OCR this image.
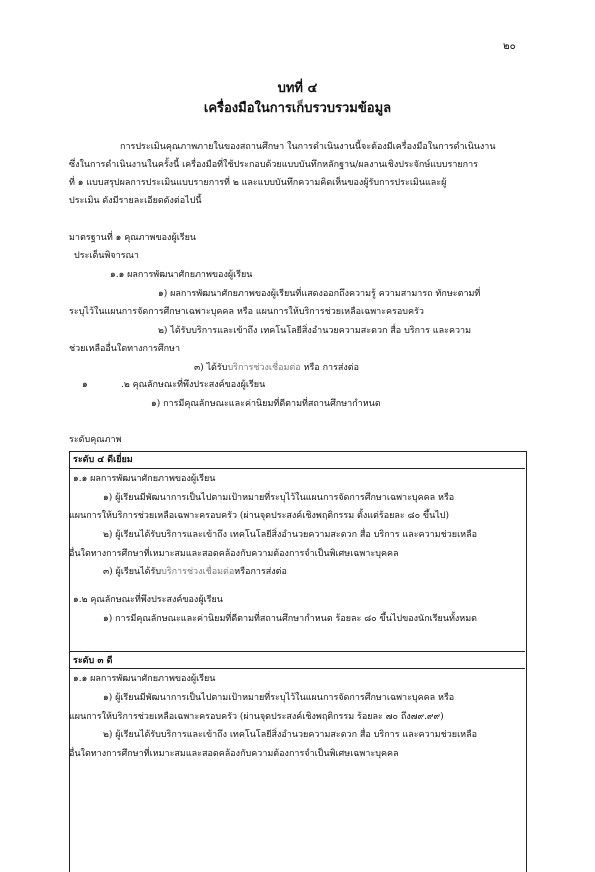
๒๐
บทที่ ๔
เครื่องมือในการเก็บรวบรวมข้อมูล
การประเมินคุณภาพภายในของสถานศึกษา ในการดำเนินงานนี้จะต้องมีเครื่องมือในการดำเนินงาน
ซึ่งในการดำเนินงานในครั้งนี้ เครื่องมือที่ใช้ประกอบด้วยแบบบันทึกหลักฐาน/ผลงานเชิงประจักษ์แบบรายการ
ที่ ๑ แบบสรุปผลการประเมินแบบรายการที่ ๒ และแบบบันทึกความคิดเห็นของผู้รับการประเมินและผู้
ประเมิน ดังมีรายละเอียดดังต่อไปนี้
มาตรฐานที่ ๑ คุณภาพของผู้เรียน
ประเด็นพิจารณา
๑.๑ ผลการพัฒนาศักยภาพของผู้เรียน
๑) ผลการพัฒนาศักยภาพของผู้เรียนที่แสดงออกถึงความรู้ ความสามารถ ทักษะตามที่
ระบุไว้ในแผนการจัดการศึกษาเฉพาะบุคคล หรือ แผนการให้บริการช่วยเหลือเฉพาะครอบครัว
๒) ได้รับบริการและเข้าถึง เทคโนโลยีสิ่งอำนวยความสะดวก สื่อ บริการ และความ
ช่วยเหลืออื่นใดทางการศึกษา
๓) ได้รับบริการช่วงเชื่อมต่อ หรือ การส่งต่อ
๑	.๒ คุณลักษณะที่พึงประสงค์ของผู้เรียน
๑) การมีคุณลักษณะและค่านิยมที่ดีตามที่สถานศึกษากำหนด
ระดับคุณภาพ
ระดับ ๔ ดีเยี่ยม
๑.๑ ผลการพัฒนาศักยภาพของผู้เรียน
๑) ผู้เรียนมีพัฒนาการเป็นไปตามเป้าหมายที่ระบุไว้ในแผนการจัดการศึกษาเฉพาะบุคคล หรือ
แผนการให้บริการช่วยเหลือเฉพาะครอบครัว (ผ่านจุดประสงค์เชิงพฤติกรรม ตั้งแต่ร้อยละ ๘๐ ขึ้นไป)
๒) ผู้เรียนได้รับบริการและเข้าถึง เทคโนโลยีสิ่งอำนวยความสะดวก สื่อ บริการ และความช่วยเหลือ
อื่นใดทางการศึกษาที่เหมาะสมและสอดคล้องกับความต้องการจำเป็นพิเศษเฉพาะบุคคล
๓) ผู้เรียนได้รับบริการช่วงเชื่อมต่อหรือการส่งต่อ
๑.๒ คุณลักษณะที่พึงประสงค์ของผู้เรียน
๑) การมีคุณลักษณะและค่านิยมที่ดีตามที่สถานศึกษากำหนด ร้อยละ ๘๐ ขึ้นไปของนักเรียนทั้งหมด
ระดับ ๓ ดี
๑.๑ ผลการพัฒนาศักยภาพของผู้เรียน
๑) ผู้เรียนมีพัฒนาการเป็นไปตามเป้าหมายที่ระบุไว้ในแผนการจัดการศึกษาเฉพาะบุคคล หรือ
แผนการให้บริการช่วยเหลือเฉพาะครอบครัว (ผ่านจุดประสงค์เชิงพฤติกรรม ร้อยละ ๗๐ ถึง๗๙.๙๙)
๒) ผู้เรียนได้รับบริการและเข้าถึง เทคโนโลยีสิ่งอำนวยความสะดวก สื่อ บริการ และความช่วยเหลือ
อื่นใดทางการศึกษาที่เหมาะสมและสอดคล้องกับความต้องการจำเป็นพิเศษเฉพาะบุคคล
